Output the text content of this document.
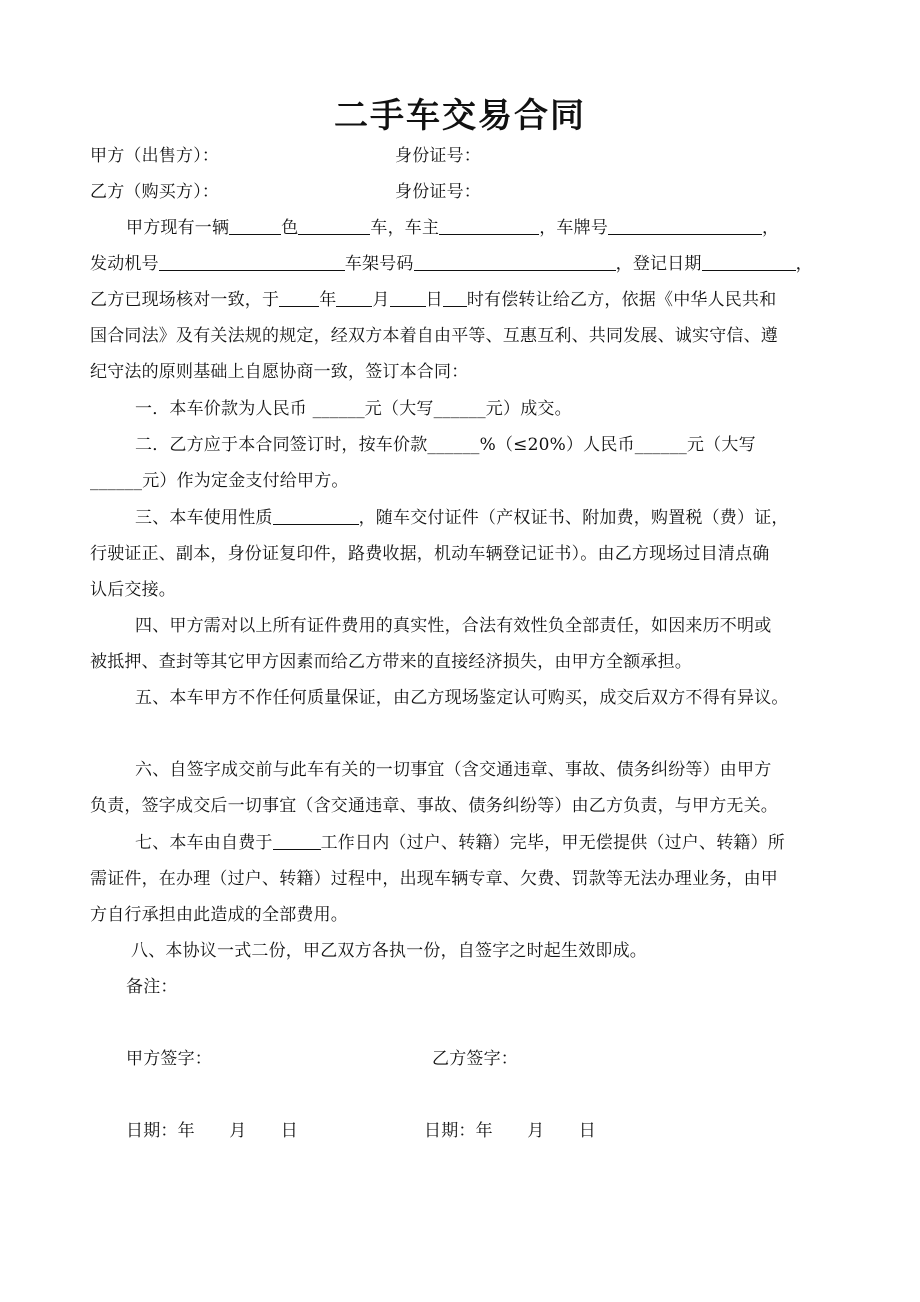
二手车交易合同
甲方（出售方）：	身份证号：
乙方（购买方）：	身份证号：
甲方现有一辆	色	车，车主	，车牌号	，
发动机号	车架号码	，登记日期	，
乙方已现场核对一致，于 年 月 日 时有偿转让给乙方，依据《中华人民共和
国合同法》及有关法规的规定，经双方本着自由平等、互惠互利、共同发展、诚实守信、遵
纪守法的原则基础上自愿协商一致，签订本合同：
一．本车价款为人民币 ______元（大写______元）成交。
二．乙方应于本合同签订时，按车价款______%（≤20%）人民币______元（大写
______元）作为定金支付给甲方。
三、本车使用性质	，随车交付证件（产权证书、附加费，购置税（费）证，
行驶证正、副本，身份证复印件，路费收据，机动车辆登记证书）。由乙方现场过目清点确
认后交接。
四、甲方需对以上所有证件费用的真实性，合法有效性负全部责任，如因来历不明或
被抵押、查封等其它甲方因素而给乙方带来的直接经济损失，由甲方全额承担。
五、本车甲方不作任何质量保证，由乙方现场鉴定认可购买，成交后双方不得有异议。
六、自签字成交前与此车有关的一切事宜（含交通违章、事故、债务纠纷等）由甲方
负责，签字成交后一切事宜（含交通违章、事故、债务纠纷等）由乙方负责，与甲方无关。
七、本车由自费于	工作日内（过户、转籍）完毕，甲无偿提供（过户、转籍）所
需证件，在办理（过户、转籍）过程中，出现车辆专章、欠费、罚款等无法办理业务，由甲
方自行承担由此造成的全部费用。
八、本协议一式二份，甲乙双方各执一份，自签字之时起生效即成。
备注：
甲方签字：	乙方签字：
日期：年　　月　　日	日期：年　　月　　日
